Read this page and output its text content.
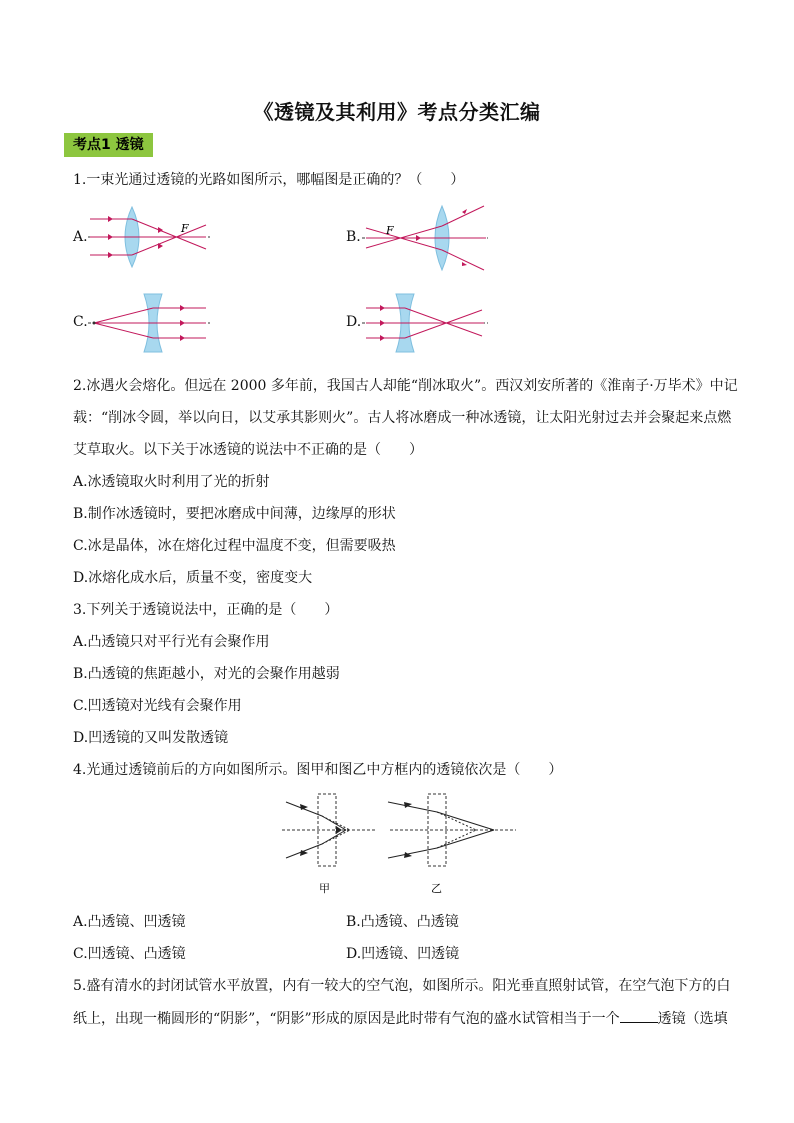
《透镜及其利用》考点分类汇编
考点1 透镜
1.一束光通过透镜的光路如图所示，哪幅图是正确的？（　　）
A.	B.
C.	D.
F	F
2.冰遇火会熔化。但远在 2000 多年前，我国古人却能“削冰取火”。西汉刘安所著的《淮南子·万毕术》中记
载：“削冰令圆，举以向日，以艾承其影则火”。古人将冰磨成一种冰透镜，让太阳光射过去并会聚起来点燃
艾草取火。以下关于冰透镜的说法中不正确的是（　　）
A.冰透镜取火时利用了光的折射
B.制作冰透镜时，要把冰磨成中间薄，边缘厚的形状
C.冰是晶体，冰在熔化过程中温度不变，但需要吸热
D.冰熔化成水后，质量不变，密度变大
3.下列关于透镜说法中，正确的是（　　）
A.凸透镜只对平行光有会聚作用
B.凸透镜的焦距越小，对光的会聚作用越弱
C.凹透镜对光线有会聚作用
D.凹透镜的又叫发散透镜
4.光通过透镜前后的方向如图所示。图甲和图乙中方框内的透镜依次是（　　）
甲	乙
A.凸透镜、凹透镜	B.凸透镜、凸透镜
C.凹透镜、凸透镜	D.凹透镜、凹透镜
5.盛有清水的封闭试管水平放置，内有一较大的空气泡，如图所示。阳光垂直照射试管，在空气泡下方的白
纸上，出现一椭圆形的“阴影”，“阴影”形成的原因是此时带有气泡的盛水试管相当于一个	透镜（选填
